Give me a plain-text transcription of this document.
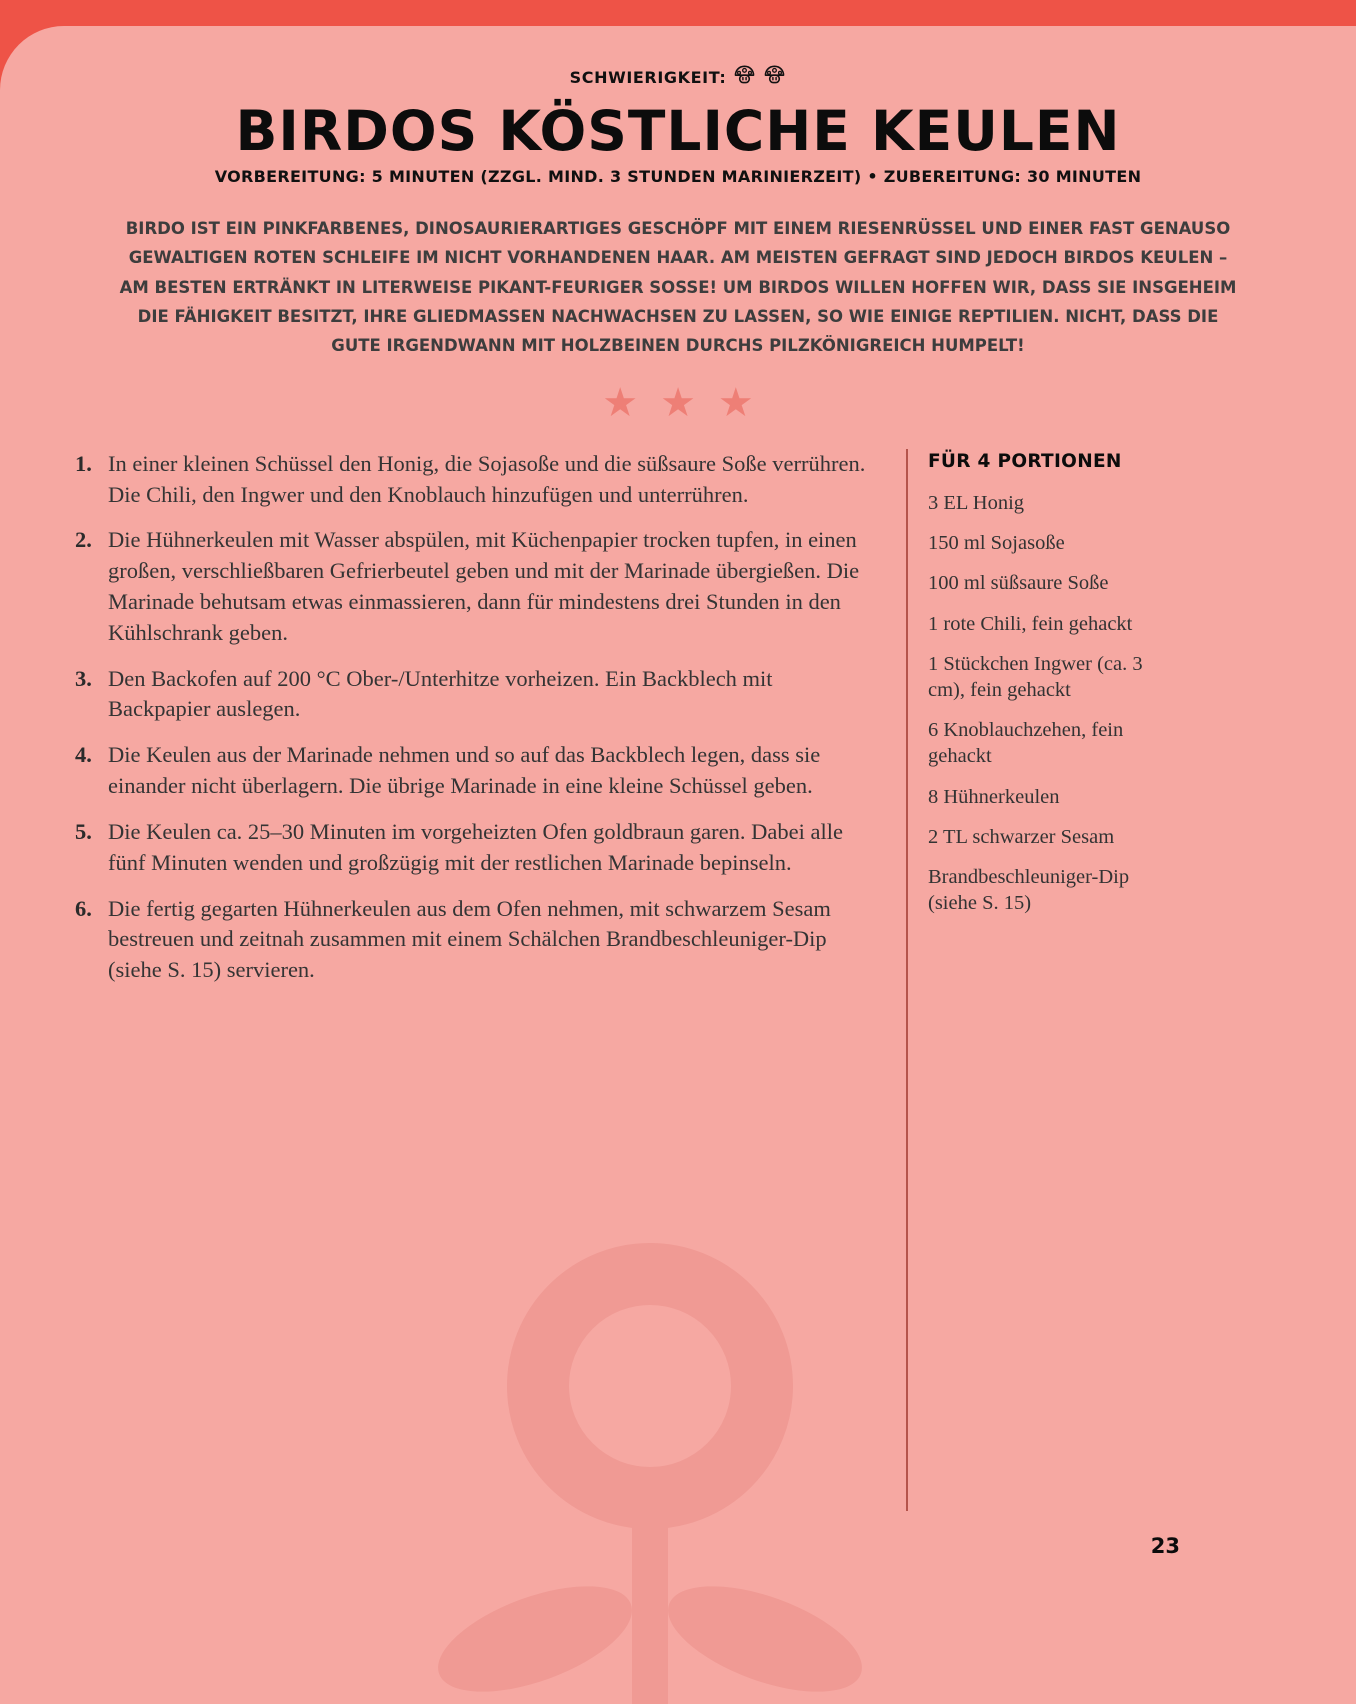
SCHWIERIGKEIT:
BIRDOS KÖSTLICHE KEULEN
VORBEREITUNG: 5 MINUTEN (ZZGL. MIND. 3 STUNDEN MARINIERZEIT) • ZUBEREITUNG: 30 MINUTEN

BIRDO IST EIN PINKFARBENES, DINOSAURIERARTIGES GESCHÖPF MIT EINEM RIESENRÜSSEL UND EINER FAST GENAUSO GEWALTIGEN ROTEN SCHLEIFE IM NICHT VORHANDENEN HAAR. AM MEISTEN GEFRAGT SIND JEDOCH BIRDOS KEULEN – AM BESTEN ERTRÄNKT IN LITERWEISE PIKANT-FEURIGER SOSSE! UM BIRDOS WILLEN HOFFEN WIR, DASS SIE INSGEHEIM DIE FÄHIGKEIT BESITZT, IHRE GLIEDMASSEN NACHWACHSEN ZU LASSEN, SO WIE EINIGE REPTILIEN. NICHT, DASS DIE GUTE IRGENDWANN MIT HOLZBEINEN DURCHS PILZKÖNIGREICH HUMPELT!

★★★
1. In einer kleinen Schüssel den Honig, die Sojasoße und die süßsaure Soße verrühren. Die Chili, den Ingwer und den Knoblauch hinzufügen und unterrühren.

2. Die Hühnerkeulen mit Wasser abspülen, mit Küchenpapier trocken tupfen, in einen großen, verschließbaren Gefrierbeutel geben und mit der Marinade übergießen. Die Marinade behutsam etwas einmassieren, dann für mindestens drei Stunden in den Kühlschrank geben.

3. Den Backofen auf 200 °C Ober-/Unterhitze vorheizen. Ein Backblech mit Backpapier auslegen.

4. Die Keulen aus der Marinade nehmen und so auf das Backblech legen, dass sie einander nicht überlagern. Die übrige Marinade in eine kleine Schüssel geben.

5. Die Keulen ca. 25–30 Minuten im vorgeheizten Ofen goldbraun garen. Dabei alle fünf Minuten wenden und großzügig mit der restlichen Marinade bepinseln.

6. Die fertig gegarten Hühnerkeulen aus dem Ofen nehmen, mit schwarzem Sesam bestreuen und zeitnah zusammen mit einem Schälchen Brandbeschleuniger-Dip (siehe S. 15) servieren.

FÜR 4 PORTIONEN

3 EL Honig

150 ml Sojasoße

100 ml süßsaure Soße

1 rote Chili, fein gehackt

1 Stückchen Ingwer (ca. 3 cm), fein gehackt

6 Knoblauchzehen, fein gehackt

8 Hühnerkeulen

2 TL schwarzer Sesam

Brandbeschleuniger-Dip (siehe S. 15)

23
